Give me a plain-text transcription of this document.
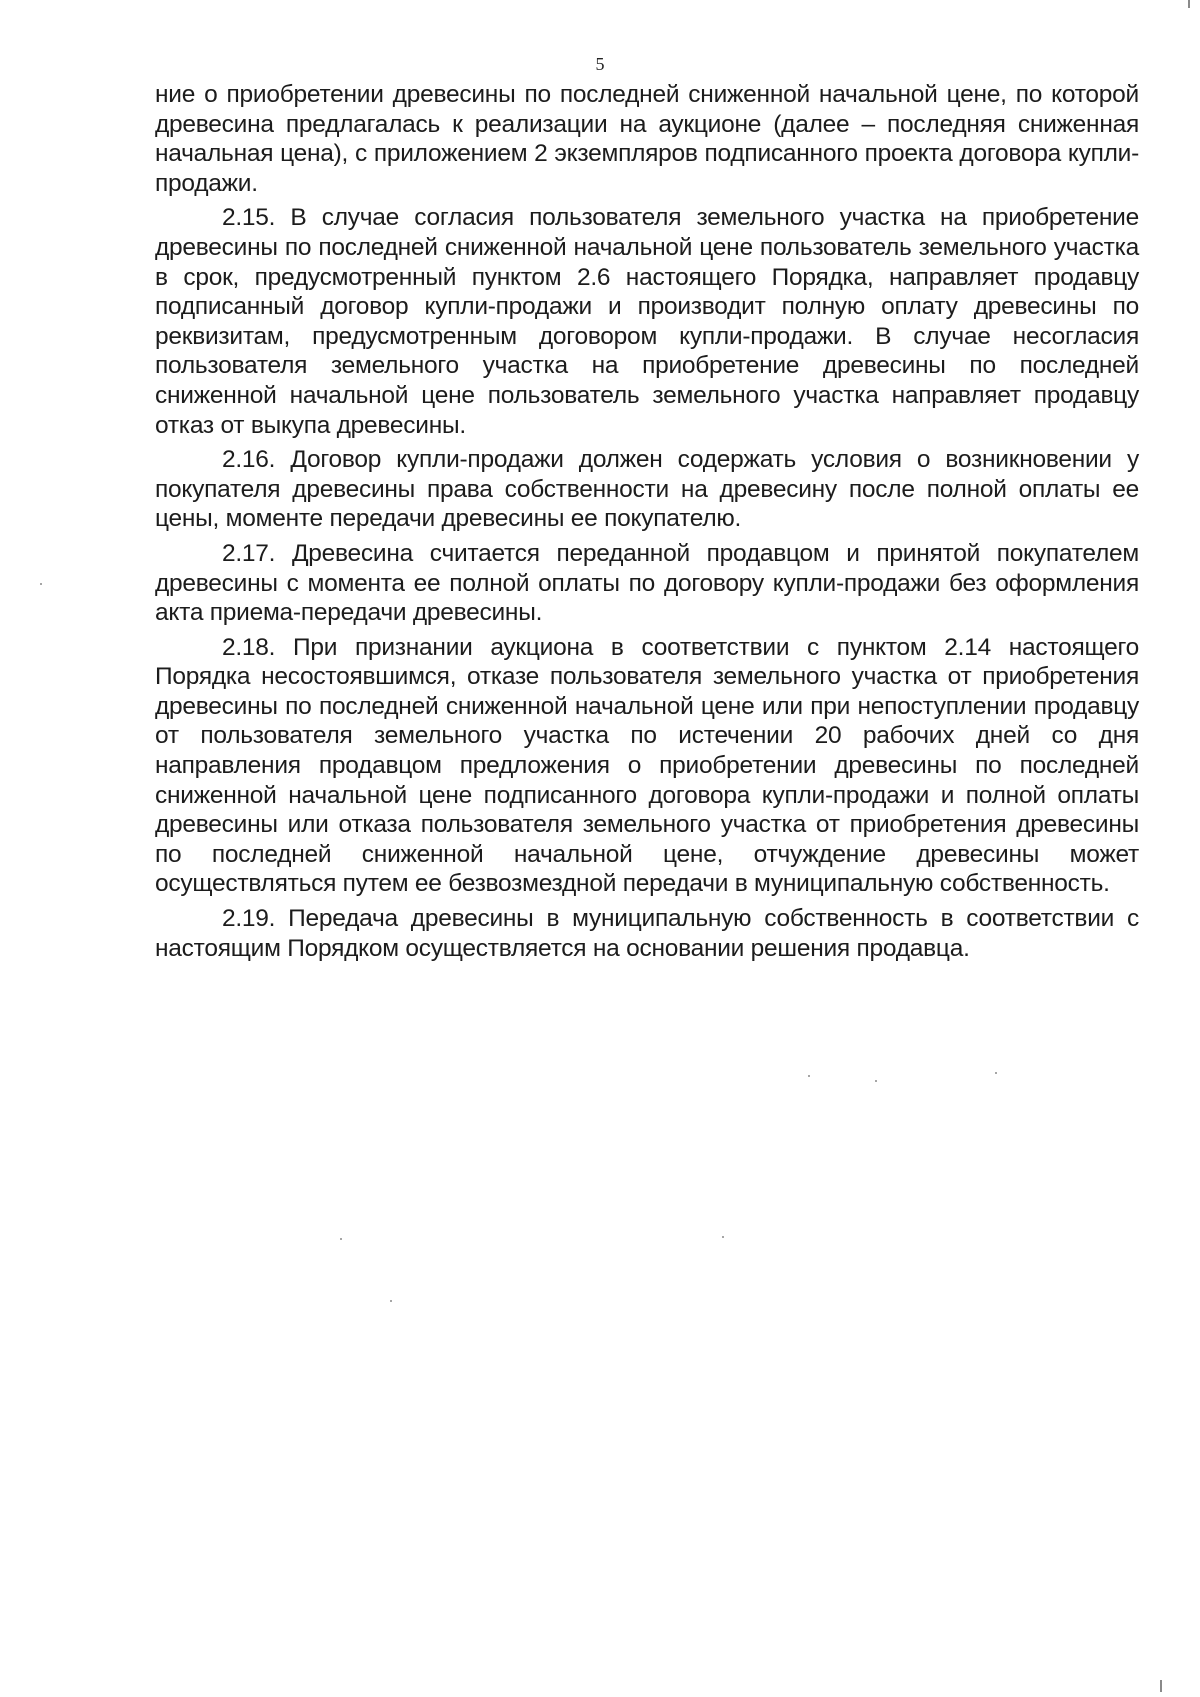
5

ние о приобретении древесины по последней сниженной начальной цене, по которой древесина предлагалась к реализации на аукционе (далее – последняя сниженная начальная цена), с приложением 2 экземпляров подписанного проекта договора купли-продажи.

2.15. В случае согласия пользователя земельного участка на приобретение древесины по последней сниженной начальной цене пользователь земельного участка в срок, предусмотренный пунктом 2.6 настоящего Порядка, направляет продавцу подписанный договор купли-продажи и производит полную оплату древесины по реквизитам, предусмотренным договором купли-продажи. В случае несогласия пользователя земельного участка на приобретение древесины по последней сниженной начальной цене пользователь земельного участка направляет продавцу отказ от выкупа древесины.

2.16. Договор купли-продажи должен содержать условия о возникновении у покупателя древесины права собственности на древесину после полной оплаты ее цены, моменте передачи древесины ее покупателю.

2.17. Древесина считается переданной продавцом и принятой покупателем древесины с момента ее полной оплаты по договору купли-продажи без оформления акта приема-передачи древесины.

2.18. При признании аукциона в соответствии с пунктом 2.14 настоящего Порядка несостоявшимся, отказе пользователя земельного участка от приобретения древесины по последней сниженной начальной цене или при непоступлении продавцу от пользователя земельного участка по истечении 20 рабочих дней со дня направления продавцом предложения о приобретении древесины по последней сниженной начальной цене подписанного договора купли-продажи и полной оплаты древесины или отказа пользователя земельного участка от приобретения древесины по последней сниженной начальной цене, отчуждение древесины может осуществляться путем ее безвозмездной передачи в муниципальную собственность.

2.19. Передача древесины в муниципальную собственность в соответствии с настоящим Порядком осуществляется на основании решения продавца.
